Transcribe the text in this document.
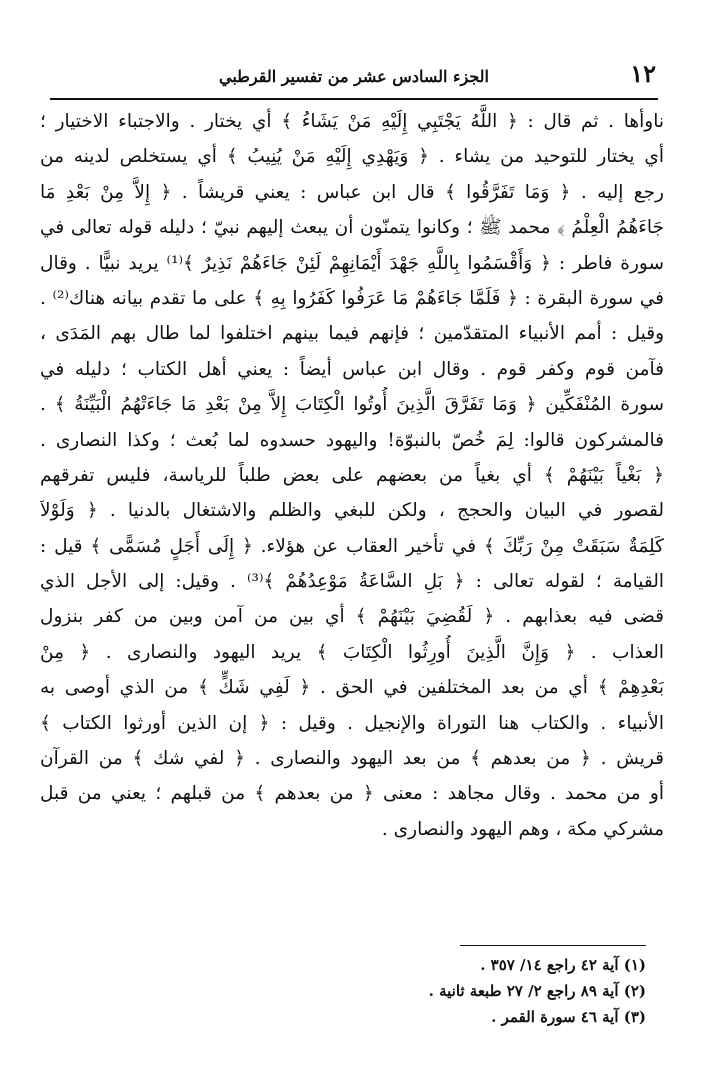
١٢
الجزء السادس عشر من تفسير القرطبي
ناوأها . ثم قال : ﴿ اللَّهُ يَجْتَبِي إِلَيْهِ مَنْ يَشَاءُ ﴾ أي يختار . والاجتباء الاختيار ؛
أي يختار للتوحيد من يشاء . ﴿ وَيَهْدِي إِلَيْهِ مَنْ يُنِيبُ ﴾ أي يستخلص لدينه من
رجع إليه . ﴿ وَمَا تَفَرَّقُوا ﴾ قال ابن عباس : يعني قريشاً . ﴿ إِلاَّ مِنْ بَعْدِ مَا
جَاءَهُمُ الْعِلْمُ ﴾ محمد ﷺ ؛ وكانوا يتمنّون أن يبعث إليهم نبيّ ؛ دليله قوله تعالى في
سورة فاطر : ﴿ وَأَقْسَمُوا بِاللَّهِ جَهْدَ أَيْمَانِهِمْ لَئِنْ جَاءَهُمْ نَذِيرٌ ﴾⁽¹⁾ يريد نبيًّا . وقال
في سورة البقرة : ﴿ فَلَمَّا جَاءَهُمْ مَا عَرَفُوا كَفَرُوا بِهِ ﴾ على ما تقدم بيانه هناك⁽²⁾ .
وقيل : أمم الأنبياء المتقدّمين ؛ فإنهم فيما بينهم اختلفوا لما طال بهم المَدَى ،
فآمن قوم وكفر قوم . وقال ابن عباس أيضاً : يعني أهل الكتاب ؛ دليله في
سورة المُنْفَكِّين ﴿ وَمَا تَفَرَّقَ الَّذِينَ أُوتُوا الْكِتَابَ إِلاَّ مِنْ بَعْدِ مَا جَاءَتْهُمُ الْبَيِّنَةُ ﴾ .
فالمشركون قالوا: لِمَ خُصّ بالنبوّة! واليهود حسدوه لما بُعث ؛ وكذا النصارى .
﴿ بَغْياً بَيْنَهُمْ ﴾ أي بغياً من بعضهم على بعض طلباً للرياسة، فليس تفرقهم
لقصور في البيان والحجج ، ولكن للبغي والظلم والاشتغال بالدنيا . ﴿ وَلَوْلاَ
كَلِمَةٌ سَبَقَتْ مِنْ رَبِّكَ ﴾ في تأخير العقاب عن هؤلاء. ﴿ إِلَى أَجَلٍ مُسَمًّى ﴾ قيل :
القيامة ؛ لقوله تعالى : ﴿ بَلِ السَّاعَةُ مَوْعِدُهُمْ ﴾⁽³⁾ . وقيل: إلى الأجل الذي
قضى فيه بعذابهم . ﴿ لَقُضِيَ بَيْنَهُمْ ﴾ أي بين من آمن وبين من كفر بنزول
العذاب . ﴿ وَإِنَّ الَّذِينَ أُورِثُوا الْكِتَابَ ﴾ يريد اليهود والنصارى . ﴿ مِنْ
بَعْدِهِمْ ﴾ أي من بعد المختلفين في الحق . ﴿ لَفِي شَكٍّ ﴾ من الذي أوصى به
الأنبياء . والكتاب هنا التوراة والإنجيل . وقيل : ﴿ إن الذين أورثوا الكتاب ﴾
قريش . ﴿ من بعدهم ﴾ من بعد اليهود والنصارى . ﴿ لفي شك ﴾ من القرآن
أو من محمد . وقال مجاهد : معنى ﴿ من بعدهم ﴾ من قبلهم ؛ يعني من قبل
مشركي مكة ، وهم اليهود والنصارى .
(١) آية ٤٢ راجع ١٤/ ٣٥٧ .
(٢) آية ٨٩ راجع ٢/ ٢٧ طبعة ثانية .
(٣) آية ٤٦ سورة القمر .
